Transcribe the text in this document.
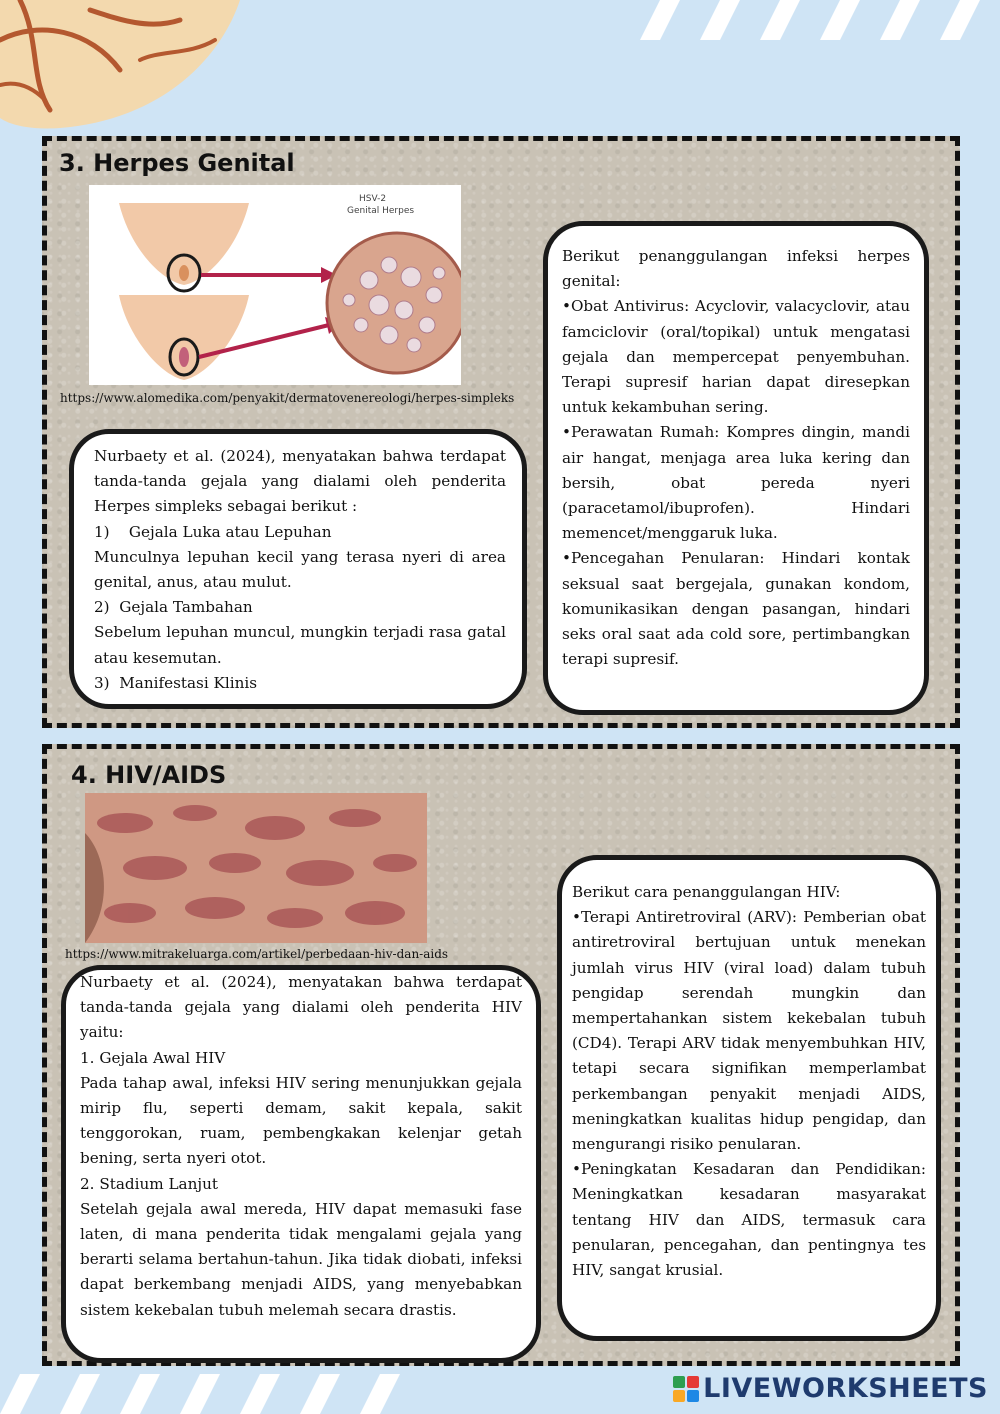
3. Herpes Genital
HSV-2
Genital Herpes
https://www.alomedika.com/penyakit/dermatovenereologi/herpes-simpleks

Nurbaety et al. (2024), menyatakan bahwa terdapat tanda-tanda gejala yang dialami oleh penderita Herpes simpleks sebagai berikut :

1)    Gejala Luka atau Lepuhan

Munculnya lepuhan kecil yang terasa nyeri di area genital, anus, atau mulut.

2)  Gejala Tambahan

Sebelum lepuhan muncul, mungkin terjadi rasa gatal atau kesemutan.

3)  Manifestasi Klinis

Berikut penanggulangan infeksi herpes genital:

•Obat Antivirus: Acyclovir, valacyclovir, atau famciclovir (oral/topikal) untuk mengatasi gejala dan mempercepat penyembuhan. Terapi supresif harian dapat diresepkan untuk kekambuhan sering.

•Perawatan Rumah: Kompres dingin, mandi air hangat, menjaga area luka kering dan bersih, obat pereda nyeri (paracetamol/ibuprofen). Hindari memencet/menggaruk luka.

•Pencegahan Penularan: Hindari kontak seksual saat bergejala, gunakan kondom, komunikasikan dengan pasangan, hindari seks oral saat ada cold sore, pertimbangkan terapi supresif.

4. HIV/AIDS
https://www.mitrakeluarga.com/artikel/perbedaan-hiv-dan-aids

Nurbaety et al. (2024), menyatakan bahwa terdapat tanda-tanda gejala yang dialami oleh penderita HIV yaitu:

1. Gejala Awal HIV

Pada tahap awal, infeksi HIV sering menunjukkan gejala mirip flu, seperti demam, sakit kepala, sakit tenggorokan, ruam, pembengkakan kelenjar getah bening, serta nyeri otot.

2. Stadium Lanjut

Setelah gejala awal mereda, HIV dapat memasuki fase laten, di mana penderita tidak mengalami gejala yang berarti selama bertahun-tahun. Jika tidak diobati, infeksi dapat berkembang menjadi AIDS, yang menyebabkan sistem kekebalan tubuh melemah secara drastis.

Berikut cara penanggulangan HIV:

•Terapi Antiretroviral (ARV): Pemberian obat antiretroviral bertujuan untuk menekan jumlah virus HIV (viral load) dalam tubuh pengidap serendah mungkin dan mempertahankan sistem kekebalan tubuh (CD4). Terapi ARV tidak menyembuhkan HIV, tetapi secara signifikan memperlambat perkembangan penyakit menjadi AIDS, meningkatkan kualitas hidup pengidap, dan mengurangi risiko penularan.

•Peningkatan Kesadaran dan Pendidikan: Meningkatkan kesadaran masyarakat tentang HIV dan AIDS, termasuk cara penularan, pencegahan, dan pentingnya tes HIV, sangat krusial.

LIVEWORKSHEETS
